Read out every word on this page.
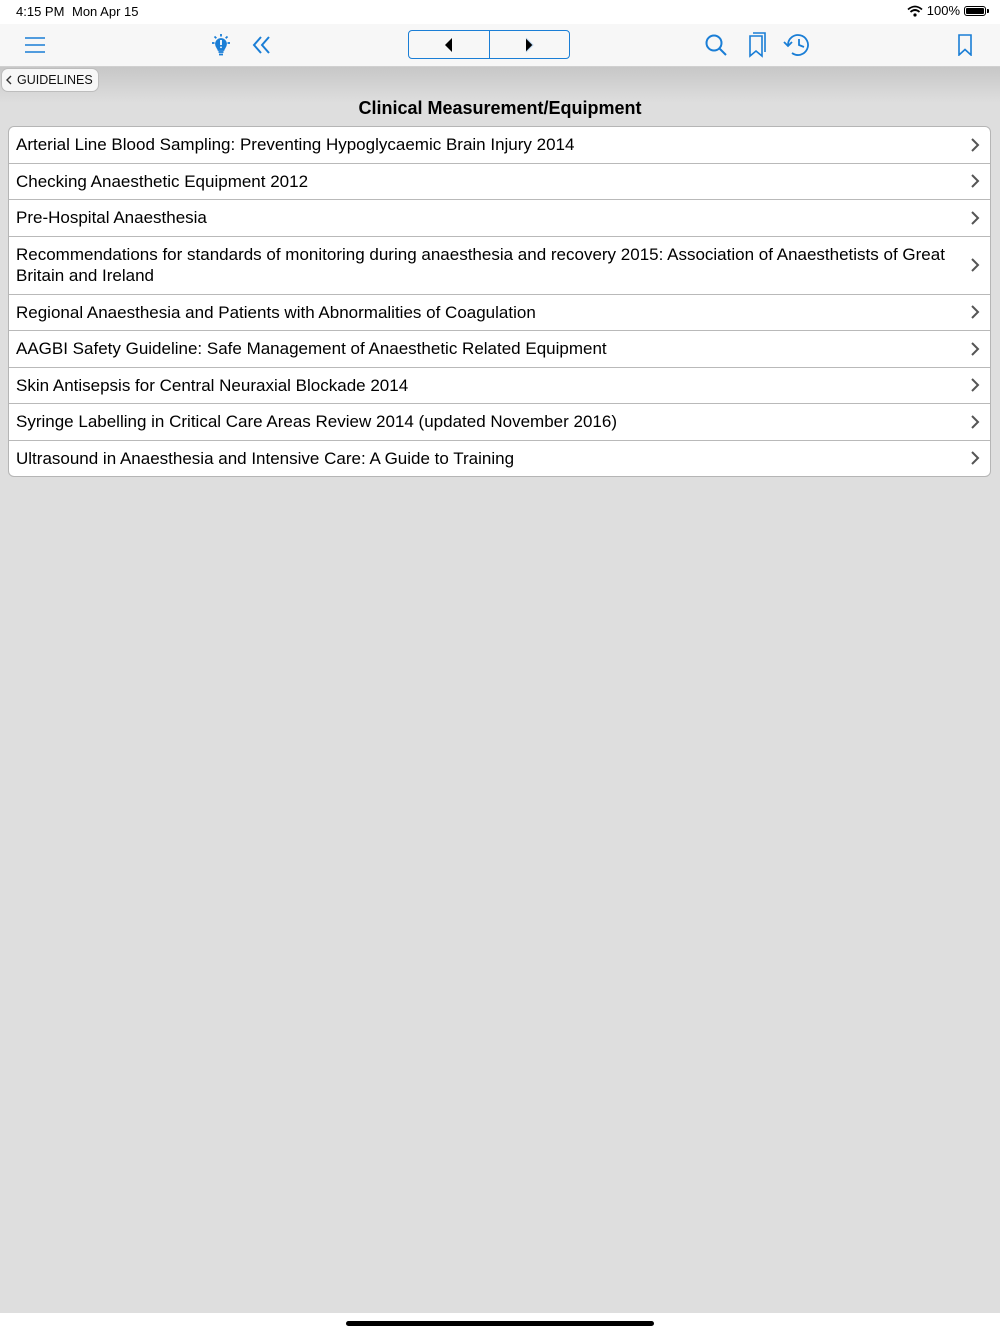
4:15 PM Mon Apr 15	100%
GUIDELINES
Clinical Measurement/Equipment
Arterial Line Blood Sampling: Preventing Hypoglycaemic Brain Injury 2014
Checking Anaesthetic Equipment 2012
Pre-Hospital Anaesthesia
Recommendations for standards of monitoring during anaesthesia and recovery 2015: Association of Anaesthetists of Great Britain and Ireland
Regional Anaesthesia and Patients with Abnormalities of Coagulation
AAGBI Safety Guideline: Safe Management of Anaesthetic Related Equipment
Skin Antisepsis for Central Neuraxial Blockade 2014
Syringe Labelling in Critical Care Areas Review 2014 (updated November 2016)
Ultrasound in Anaesthesia and Intensive Care: A Guide to Training
